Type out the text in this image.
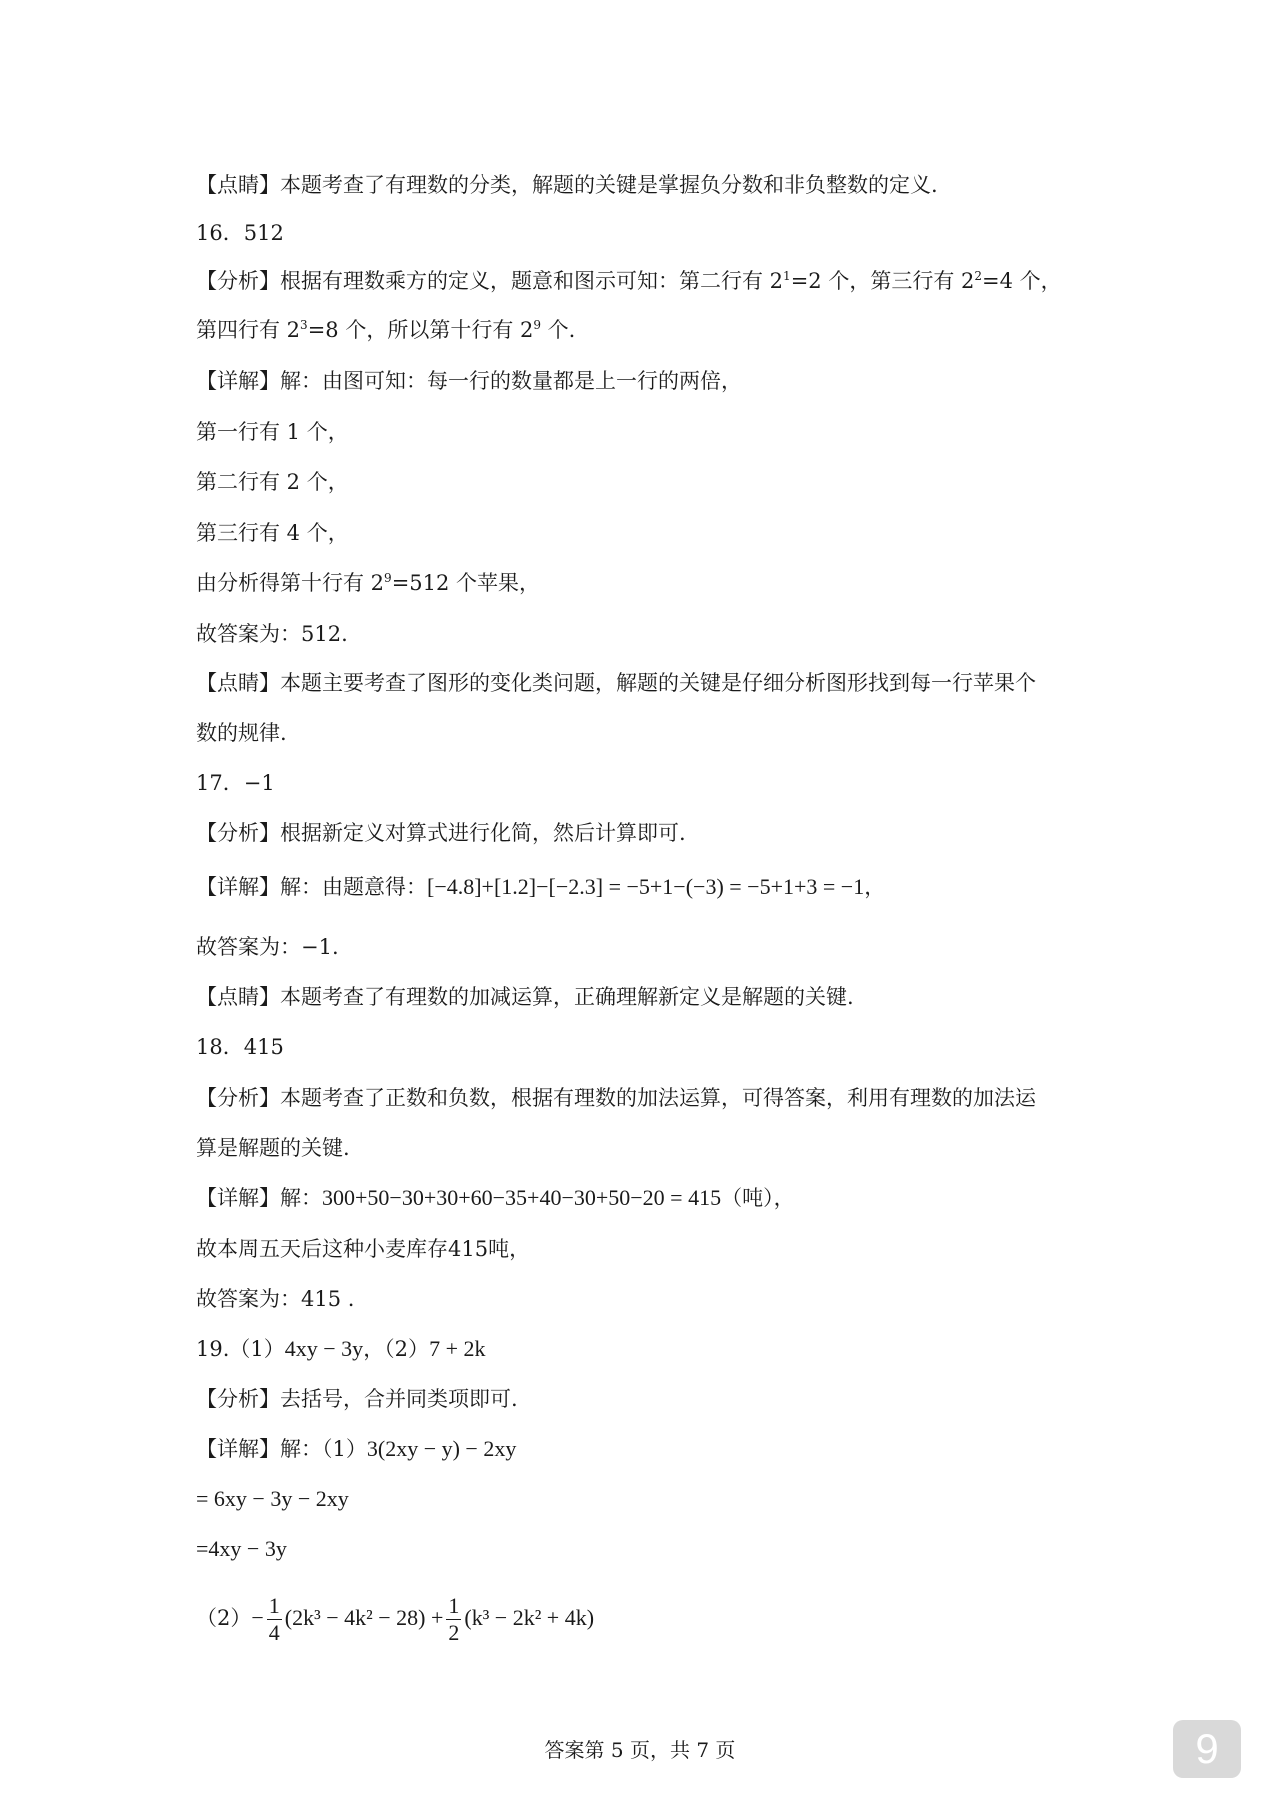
【点睛】本题考查了有理数的分类，解题的关键是掌握负分数和非负整数的定义.
16．512
【分析】根据有理数乘方的定义，题意和图示可知：第二行有 $2^1=2$ 个，第三行有 $2^2=4$ 个，
第四行有 $2^3=8$ 个，所以第十行有 $2^9$ 个.
【详解】解：由图可知：每一行的数量都是上一行的两倍，
第一行有 1 个，
第二行有 2 个，
第三行有 4 个，
由分析得第十行有 $2^9=512$ 个苹果，
故答案为：512.
【点睛】本题主要考查了图形的变化类问题，解题的关键是仔细分析图形找到每一行苹果个
数的规律.
17．−1
【分析】根据新定义对算式进行化简，然后计算即可.
【详解】解：由题意得：[−4.8]+[1.2]−[−2.3] = −5+1−(−3) = −5+1+3 = −1，
故答案为：−1.
【点睛】本题考查了有理数的加减运算，正确理解新定义是解题的关键.
18．415
【分析】本题考查了正数和负数，根据有理数的加法运算，可得答案，利用有理数的加法运
算是解题的关键.
【详解】解：300+50−30+30+60−35+40−30+50−20 = 415（吨），
故本周五天后这种小麦库存415吨，
故答案为：415 .
19.（1）4xy − 3y，（2）7 + 2k
【分析】去括号，合并同类项即可.
【详解】解：（1）3(2xy − y) − 2xy
= 6xy − 3y − 2xy
=4xy − 3y
$(2)- \frac{1}{4} (2k^3 - 4k^2 - 28) + \frac{1}{2} (k^3 - 2k^2 + 4k)$
答案第 5 页，共 7 页	9
